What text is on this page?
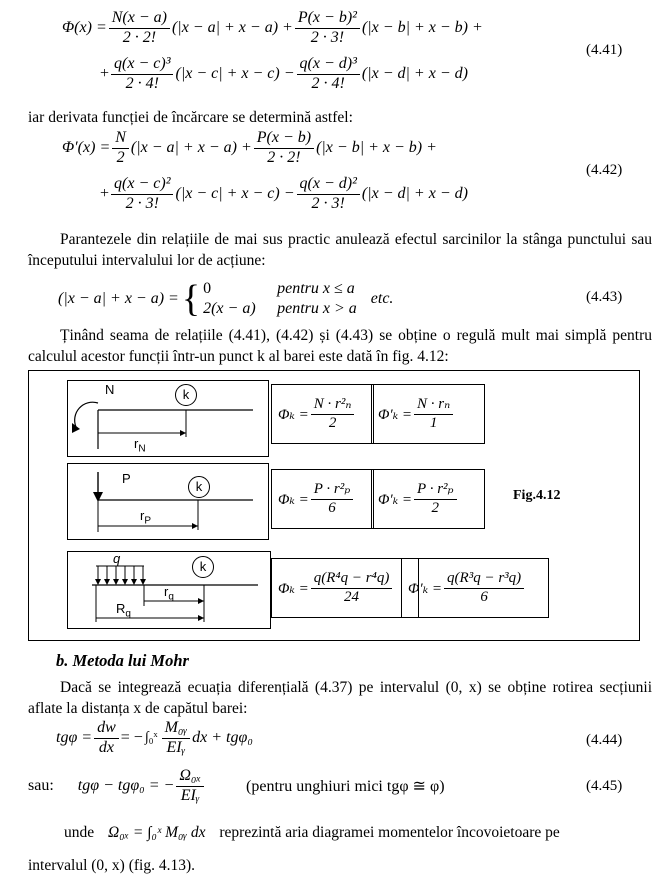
$\Phi(x) = \frac{N(x - a)}{2 \cdot 2!} (|x - a| + x - a) + \frac{\text{P(x − b)²}}{2 \cdot 3!} (|x - b| + x - b)$ +
+ $\frac{\text{q(x − c)³}}{2 \cdot 4!} (|x - c| + x - c) - \frac{\text{q(x − d)³}}{2 \cdot 4!} (|x - d| + x - d)$
(4.41)
iar derivata funcției de încărcare se determină astfel:
$\Phi'(x) = \frac{N}{2} (|x - a| + x - a) + \frac{P(x - b)}{2 \cdot 2!} (|x - b| + x - b)$ +
+ $\frac{\text{q(x − c)²}}{2 \cdot 3!} (|x - c| + x - c) - \frac{\text{q(x − d)²}}{2 \cdot 3!} (|x - d| + x - d)$
(4.42)
Parantezele din relațiile de mai sus practic anulează efectul sarcinilor la stânga punctului sau începutului intervalului lor de acțiune:
(|x − a| + x − a) = { 0	pentru x ≤ a
2(x − a) pentru x > a
etc.	(4.43)
Ținând seama de relațiile (4.41), (4.42) și (4.43) se obține o regulă mult mai simplă pentru calculul acestor funcții într-un punct k al barei este dată în fig. 4.12:
N	k
$r_N$
$\Phi_k = \frac{\text{N · r²ₙ}}{2} \Phi'_k = \frac{\text{N · rₙ}}{1}$
P
k
$r_P$
$\Phi_k = \frac{\text{P · r²ₚ}}{6} \Phi'_k = \frac{\text{P · r²ₚ}}{2}$	Fig.4.12
q
k
$r_q$
$R_q$
$\Phi_k = \frac{\text{q(R⁴q − r⁴q)}}{24} \Phi'_k = \frac{\text{q(R³q − r³q)}}{6}$
b. Metoda lui Mohr
Dacă se integrează ecuația diferențială (4.37) pe intervalul (0, x) se obține rotirea secțiunii aflate la distanța x de capătul barei:
$tg\varphi = \frac{dw}{dx}$ = − ∫₀ˣ $\frac{\text{M₀ᵧ}}{\text{EIᵧ}}$ dx + tgφ₀	(4.44)
sau: tgφ − tgφ₀ = − $\frac{\text{Ω₀ₓ}}{\text{EIᵧ}}$	(pentru unghiuri mici tgφ ≅ φ)	(4.45)
unde Ω₀ₓ = ∫₀ˣ M₀ᵧ dx reprezintă aria diagramei momentelor încovoietoare pe
intervalul (0, x) (fig. 4.13).
